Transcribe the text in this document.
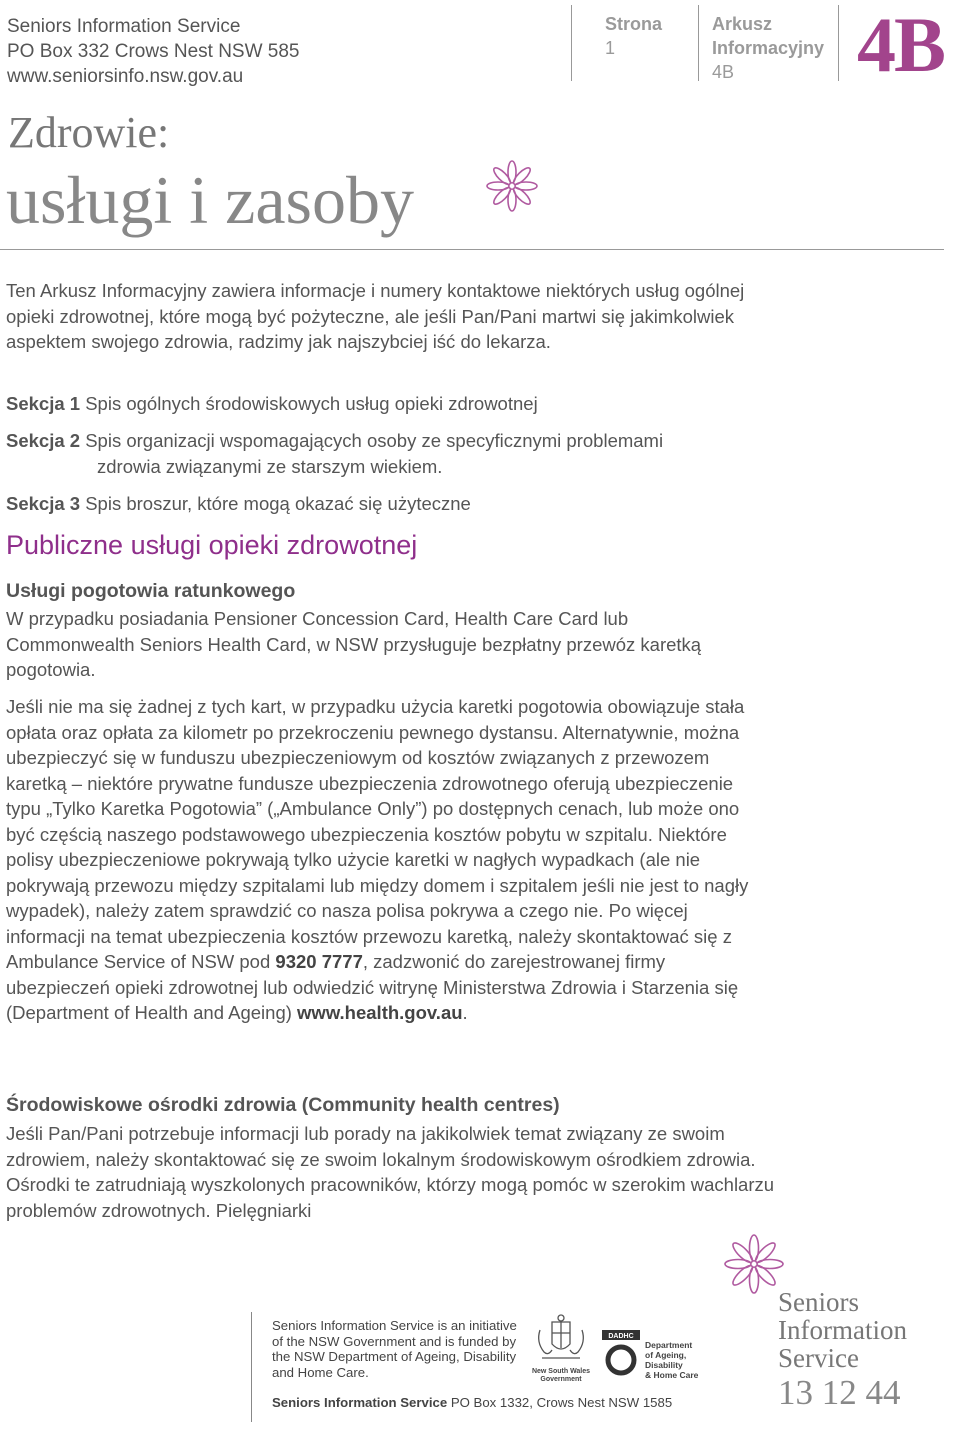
Seniors Information Service
PO Box 332 Crows Nest NSW 585
www.seniorsinfo.nsw.gov.au
Strona
1
Arkusz
Informacyjny
4B	4B
Zdrowie:
usługi i zasoby
Ten Arkusz Informacyjny zawiera informacje i numery kontaktowe niektórych usług ogólnej opieki zdrowotnej, które mogą być pożyteczne, ale jeśli Pan/Pani martwi się jakimkolwiek aspektem swojego zdrowia, radzimy jak najszybciej iść do lekarza.
Sekcja 1 Spis ogólnych środowiskowych usług opieki zdrowotnej
Sekcja 2 Spis organizacji wspomagających osoby ze specyficznymi problemami
zdrowia związanymi ze starszym wiekiem.
Sekcja 3 Spis broszur, które mogą okazać się użyteczne
Publiczne usługi opieki zdrowotnej
Usługi pogotowia ratunkowego
W przypadku posiadania Pensioner Concession Card, Health Care Card lub Commonwealth Seniors Health Card, w NSW przysługuje bezpłatny przewóz karetką pogotowia.
Jeśli nie ma się żadnej z tych kart, w przypadku użycia karetki pogotowia obowiązuje stała opłata oraz opłata za kilometr po przekroczeniu pewnego dystansu. Alternatywnie, można ubezpieczyć się w funduszu ubezpieczeniowym od kosztów związanych z przewozem karetką – niektóre prywatne fundusze ubezpieczenia zdrowotnego oferują ubezpieczenie typu „Tylko Karetka Pogotowia” („Ambulance Only”) po dostępnych cenach, lub może ono być częścią naszego podstawowego ubezpieczenia kosztów pobytu w szpitalu. Niektóre polisy ubezpieczeniowe pokrywają tylko użycie karetki w nagłych wypadkach (ale nie pokrywają przewozu między szpitalami lub między domem i szpitalem jeśli nie jest to nagły wypadek), należy zatem sprawdzić co nasza polisa pokrywa a czego nie. Po więcej informacji na temat ubezpieczenia kosztów przewozu karetką, należy skontaktować się z Ambulance Service of NSW pod 9320 7777, zadzwonić do zarejestrowanej firmy ubezpieczeń opieki zdrowotnej lub odwiedzić witrynę Ministerstwa Zdrowia i Starzenia się (Department of Health and Ageing) www.health.gov.au.
Środowiskowe ośrodki zdrowia (Community health centres)
Jeśli Pan/Pani potrzebuje informacji lub porady na jakikolwiek temat związany ze swoim zdrowiem, należy skontaktować się ze swoim lokalnym środowiskowym ośrodkiem zdrowia. Ośrodki te zatrudniają wyszkolonych pracowników, którzy mogą pomóc w szerokim wachlarzu problemów zdrowotnych. Pielęgniarki
Seniors Information Service is an initiative of the NSW Government and is funded by the NSW Department of Ageing, Disability and Home Care.
Seniors Information Service PO Box 1332, Crows Nest NSW 1585
New South Wales Government
DADHC
Department
of Ageing,
Disability
& Home Care
Seniors
Information
Service
13 12 44
